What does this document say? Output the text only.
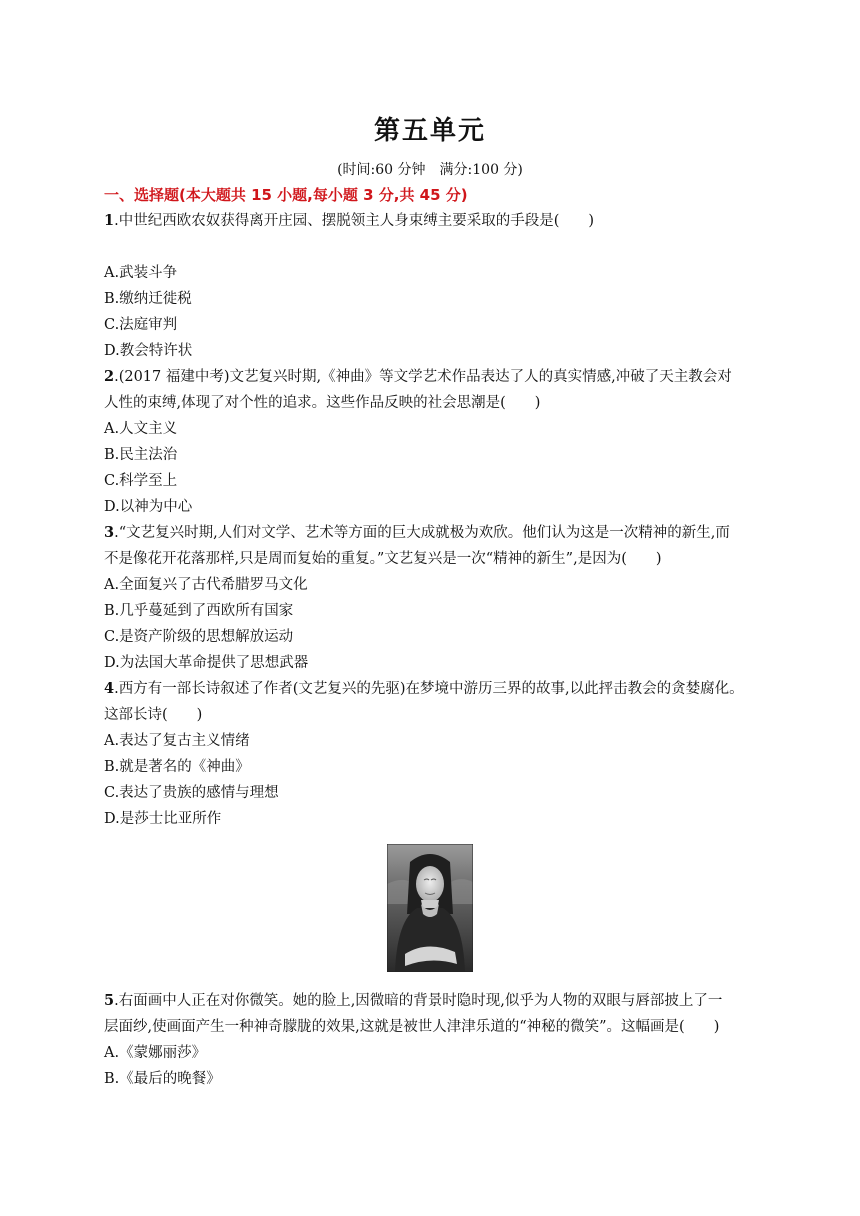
第五单元
(时间:60 分钟　满分:100 分)
一、选择题(本大题共 15 小题,每小题 3 分,共 45 分)
1.中世纪西欧农奴获得离开庄园、摆脱领主人身束缚主要采取的手段是(　　)
A.武装斗争
B.缴纳迁徙税
C.法庭审判
D.教会特许状
2.(2017 福建中考)文艺复兴时期,《神曲》等文学艺术作品表达了人的真实情感,冲破了天主教会对
人性的束缚,体现了对个性的追求。这些作品反映的社会思潮是(　　)
A.人文主义
B.民主法治
C.科学至上
D.以神为中心
3.“文艺复兴时期,人们对文学、艺术等方面的巨大成就极为欢欣。他们认为这是一次精神的新生,而
不是像花开花落那样,只是周而复始的重复。”文艺复兴是一次“精神的新生”,是因为(　　)
A.全面复兴了古代希腊罗马文化
B.几乎蔓延到了西欧所有国家
C.是资产阶级的思想解放运动
D.为法国大革命提供了思想武器
4.西方有一部长诗叙述了作者(文艺复兴的先驱)在梦境中游历三界的故事,以此抨击教会的贪婪腐化。
这部长诗(　　)
A.表达了复古主义情绪
B.就是著名的《神曲》
C.表达了贵族的感情与理想
D.是莎士比亚所作
5.右面画中人正在对你微笑。她的脸上,因微暗的背景时隐时现,似乎为人物的双眼与唇部披上了一
层面纱,使画面产生一种神奇朦胧的效果,这就是被世人津津乐道的“神秘的微笑”。这幅画是(　　)
A.《蒙娜丽莎》
B.《最后的晚餐》
